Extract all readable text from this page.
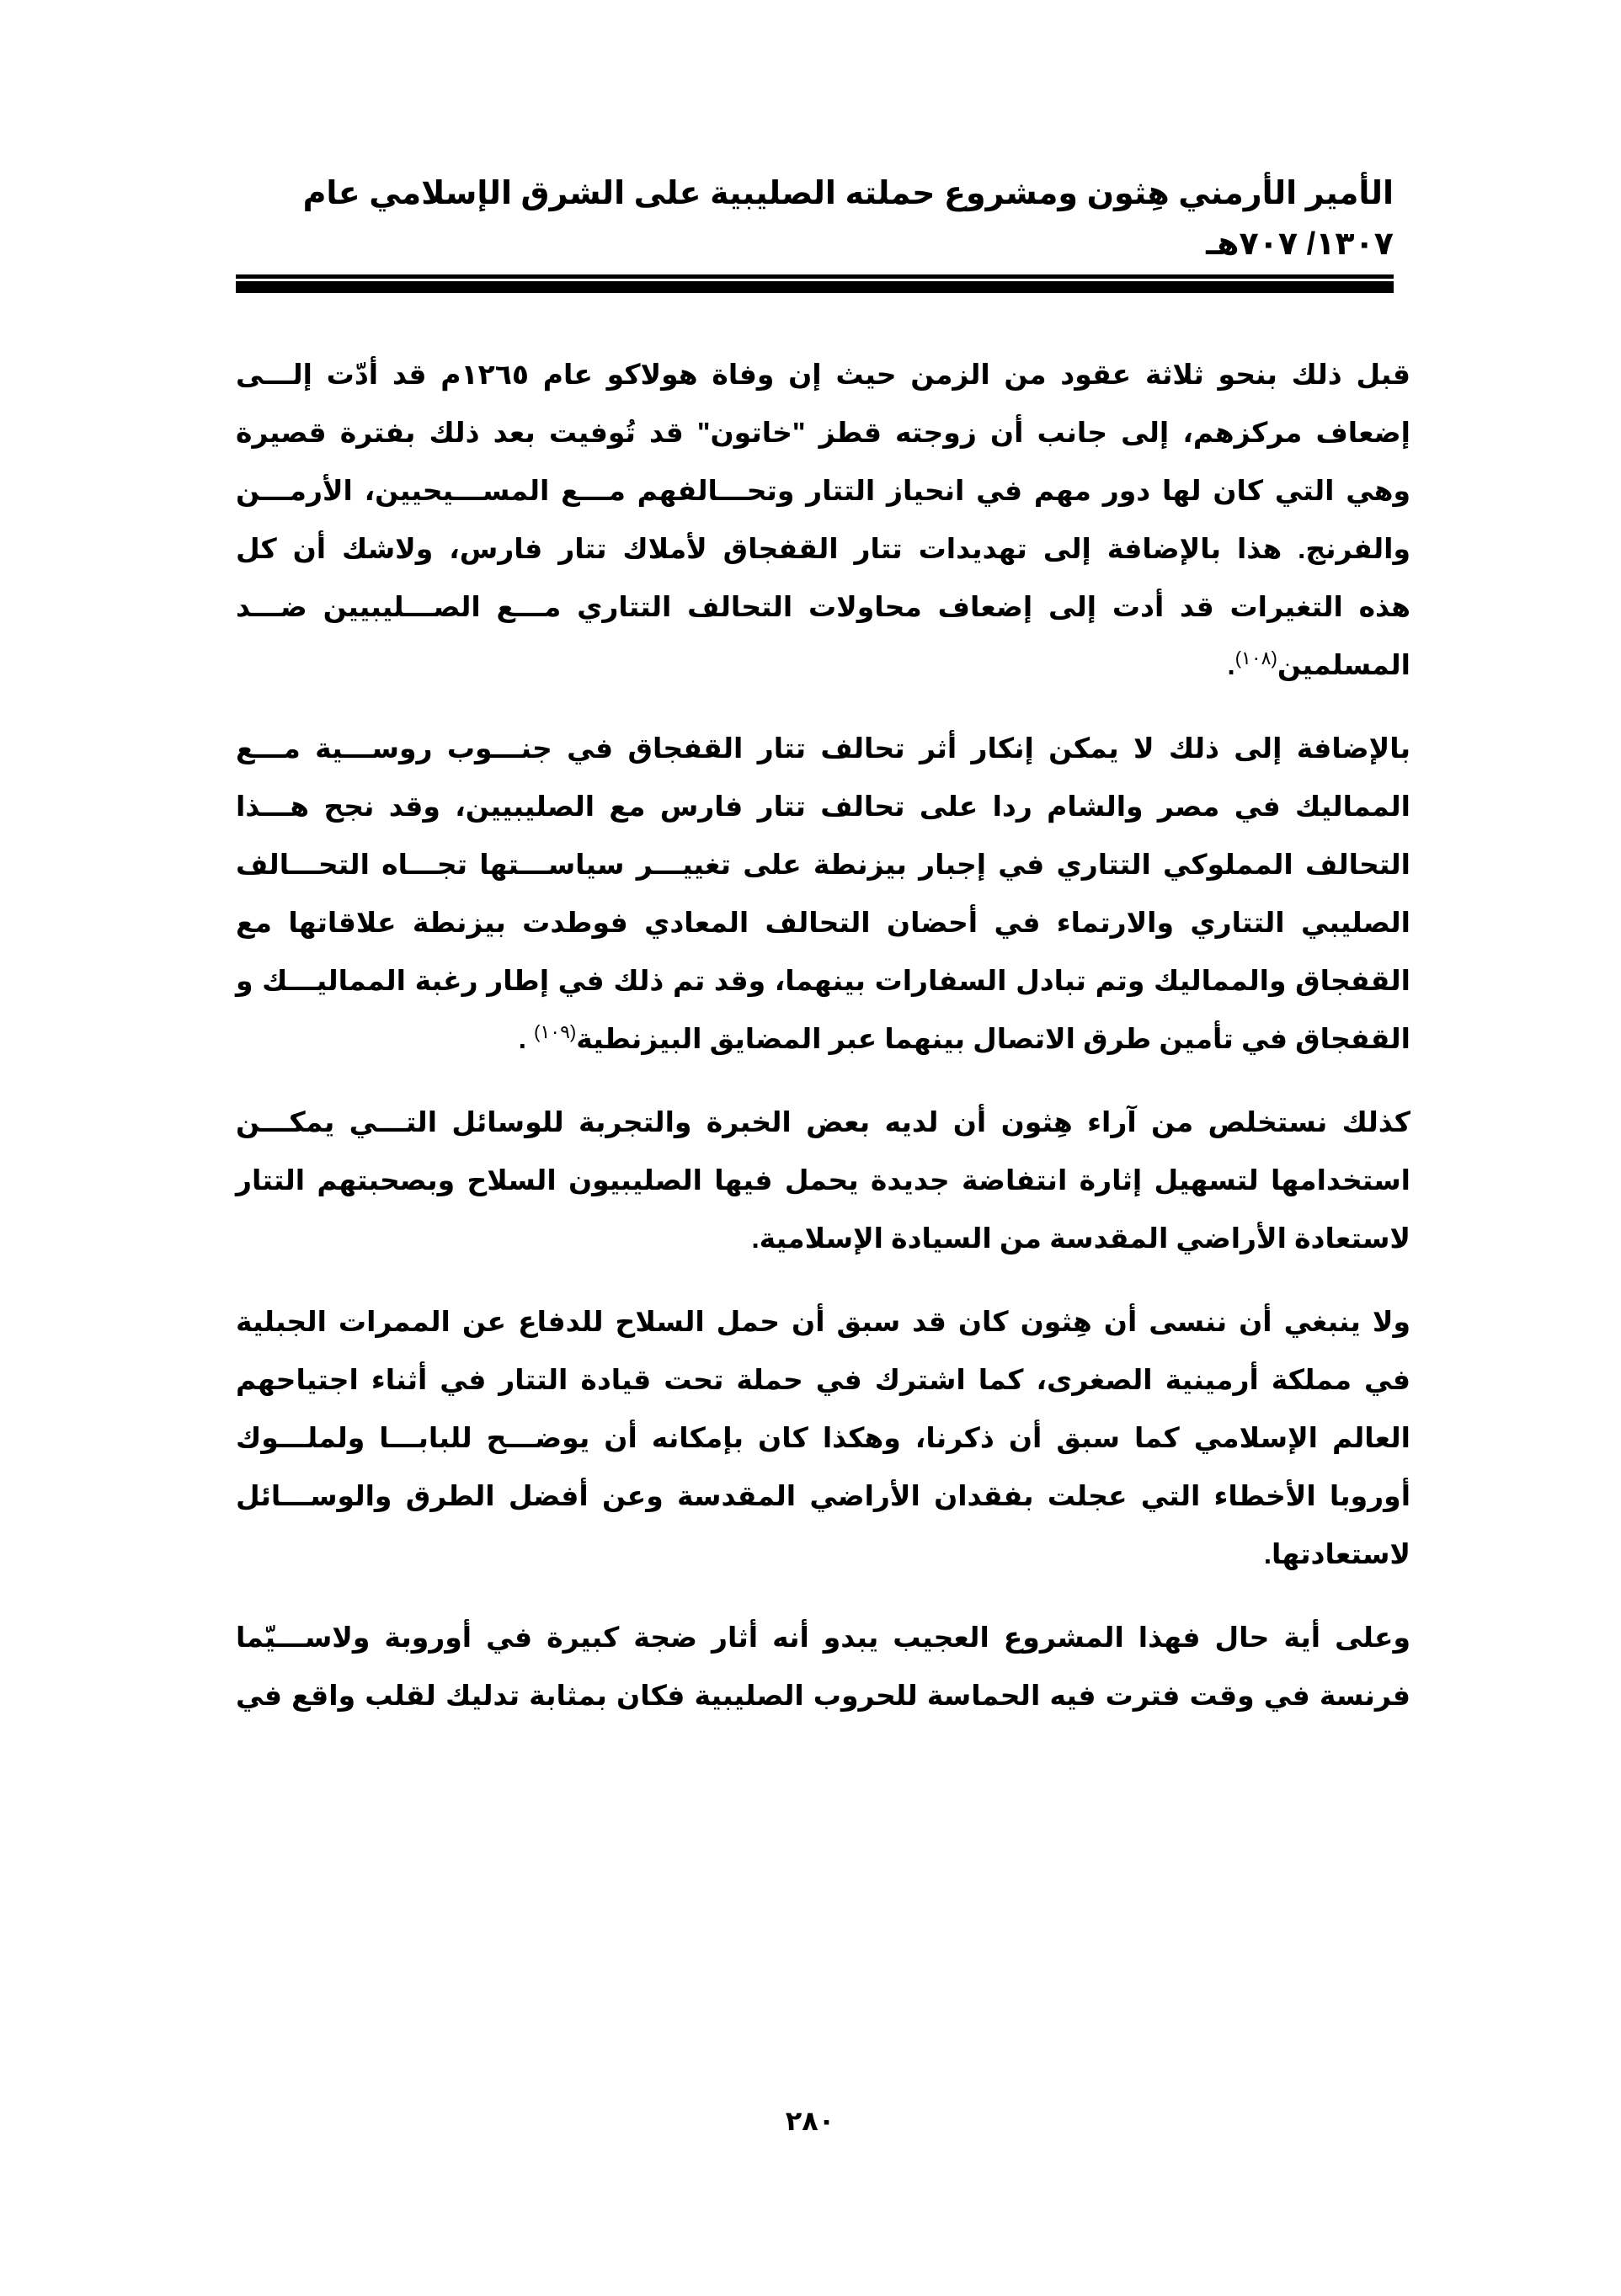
الأمير الأرمني هِثون ومشروع حملته الصليبية على الشرق الإسلامي عام ١٣٠٧/ ٧٠٧هـ
قبل ذلك بنحو ثلاثة عقود من الزمن حيث إن وفاة هولاكو عام ١٢٦٥م قد أدّت إلـــى
إضعاف مركزهم، إلى جانب أن زوجته قطز "خاتون" قد تُوفيت بعد ذلك بفترة قصيرة
وهي التي كان لها دور مهم في انحياز التتار وتحـــالفهم مـــع المســـيحيين، الأرمـــن
والفرنج. هذا بالإضافة إلى تهديدات تتار القفجاق لأملاك تتار فارس، ولاشك أن كل
هذه التغيرات قد أدت إلى إضعاف محاولات التحالف التتاري مـــع الصـــليبيين ضـــد
المسلمين$^{(١٠٨)}$.
بالإضافة إلى ذلك لا يمكن إنكار أثر تحالف تتار القفجاق في جنـــوب روســـية مـــع
المماليك في مصر والشام ردا على تحالف تتار فارس مع الصليبيين، وقد نجح هـــذا
التحالف المملوكي التتاري في إجبار بيزنطة على تغييـــر سياســـتها تجـــاه التحـــالف
الصليبي التتاري والارتماء في أحضان التحالف المعادي فوطدت بيزنطة علاقاتها مع
القفجاق والمماليك وتم تبادل السفارات بينهما، وقد تم ذلك في إطار رغبة المماليـــك و
القفجاق في تأمين طرق الاتصال بينهما عبر المضايق البيزنطية$^{(١٠٩)}$ .
كذلك نستخلص من آراء هِثون أن لديه بعض الخبرة والتجربة للوسائل التـــي يمكـــن
استخدامها لتسهيل إثارة انتفاضة جديدة يحمل فيها الصليبيون السلاح وبصحبتهم التتار
لاستعادة الأراضي المقدسة من السيادة الإسلامية.
ولا ينبغي أن ننسى أن هِثون كان قد سبق أن حمل السلاح للدفاع عن الممرات الجبلية
في مملكة أرمينية الصغرى، كما اشترك في حملة تحت قيادة التتار في أثناء اجتياحهم
العالم الإسلامي كما سبق أن ذكرنا، وهكذا كان بإمكانه أن يوضـــح للبابـــا ولملـــوك
أوروبا الأخطاء التي عجلت بفقدان الأراضي المقدسة وعن أفضل الطرق والوســـائل
لاستعادتها.
وعلى أية حال فهذا المشروع العجيب يبدو أنه أثار ضجة كبيرة في أوروبة ولاســـيّما
فرنسة في وقت فترت فيه الحماسة للحروب الصليبية فكان بمثابة تدليك لقلب واقع في
٢٨٠
